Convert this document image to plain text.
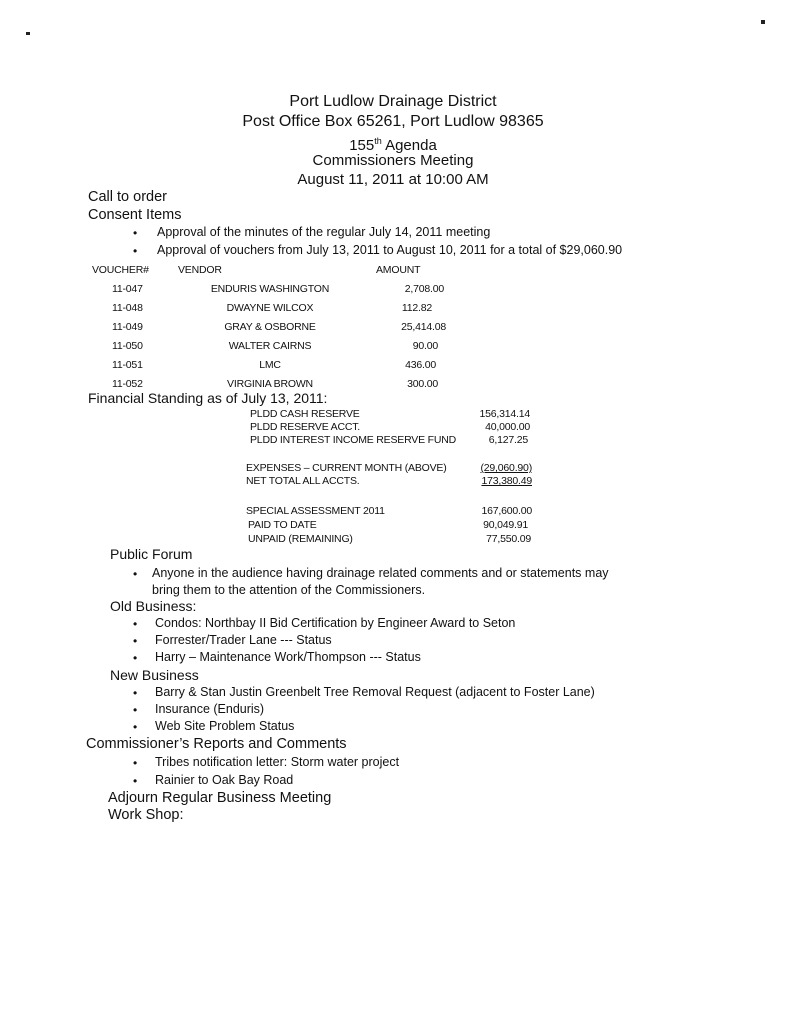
Port Ludlow Drainage District
Post Office Box 65261, Port Ludlow 98365
155th Agenda
Commissioners Meeting
August 11, 2011 at 10:00 AM
Call to order
Consent Items
• Approval of the minutes of the regular July 14, 2011 meeting
• Approval of vouchers from July 13, 2011 to August 10, 2011 for a total of $29,060.90
VOUCHER#	VENDOR	AMOUNT
11-047	ENDURIS WASHINGTON	2,708.00
11-048	DWAYNE WILCOX	112.82
11-049	GRAY & OSBORNE	25,414.08
11-050	WALTER CAIRNS	90.00
11-051	LMC	436.00
11-052	VIRGINIA BROWN	300.00
Financial Standing as of July 13, 2011:
PLDD CASH RESERVE	156,314.14
PLDD RESERVE ACCT.	40,000.00
PLDD INTEREST INCOME RESERVE FUND	6,127.25
EXPENSES – CURRENT MONTH (ABOVE)	(29,060.90)
NET TOTAL ALL ACCTS.	173,380.49
SPECIAL ASSESSMENT 2011	167,600.00
PAID TO DATE	90,049.91
UNPAID (REMAINING)	77,550.09
Public Forum
• Anyone in the audience having drainage related comments and or statements may
bring them to the attention of the Commissioners.
Old Business:
• Condos: Northbay II Bid Certification by Engineer Award to Seton
• Forrester/Trader Lane --- Status
• Harry – Maintenance Work/Thompson --- Status
New Business
• Barry & Stan Justin Greenbelt Tree Removal Request (adjacent to Foster Lane)
• Insurance (Enduris)
• Web Site Problem Status
Commissioner’s Reports and Comments
• Tribes notification letter: Storm water project
• Rainier to Oak Bay Road
Adjourn Regular Business Meeting
Work Shop:
